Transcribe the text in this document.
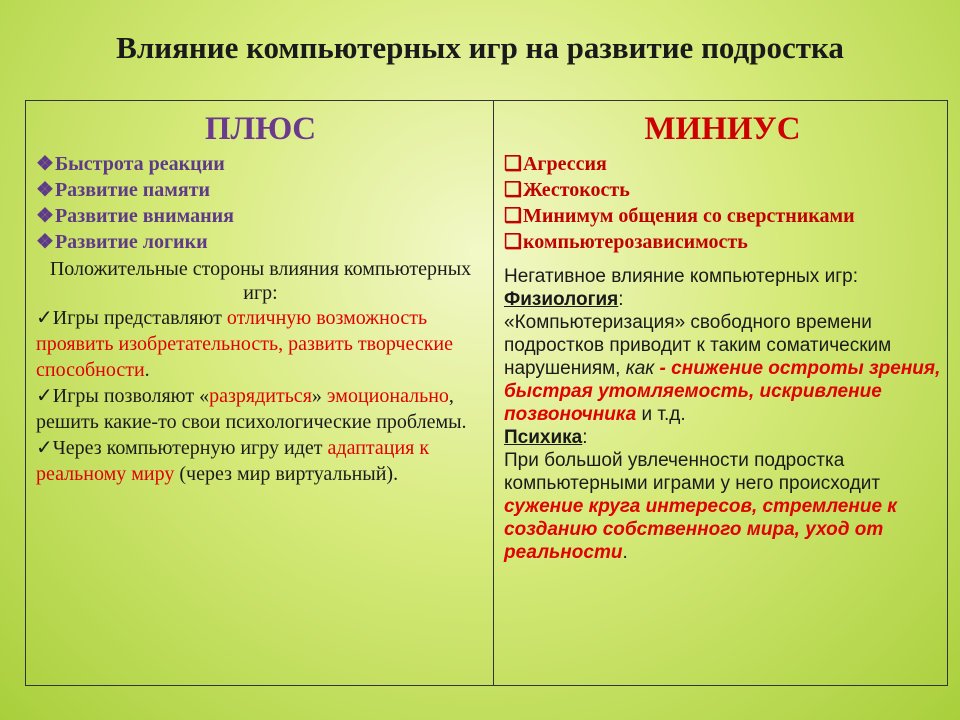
Влияние компьютерных игр на развитие подростка
ПЛЮС
❖Быстрота реакции
❖Развитие памяти
❖Развитие внимания
❖Развитие логики
Положительные стороны влияния компьютерных игр:
✓Игры представляют отличную возможность проявить изобретательность, развить творческие способности.
✓Игры позволяют «разрядиться» эмоционально, решить какие-то свои психологические проблемы.
✓Через компьютерную игру идет адаптация к реальному миру (через мир виртуальный).
МИНИУС
❑Агрессия
❑Жестокость
❑Минимум общения со сверстниками
❑компьютерозависимость
Негативное влияние компьютерных игр:
Физиология:
«Компьютеризация» свободного времени подростков приводит к таким соматическим нарушениям, как - снижение остроты зрения, быстрая утомляемость, искривление позвоночника и т.д.
Психика:
При большой увлеченности подростка компьютерными играми у него происходит сужение круга интересов, стремление к созданию собственного мира, уход от реальности.
